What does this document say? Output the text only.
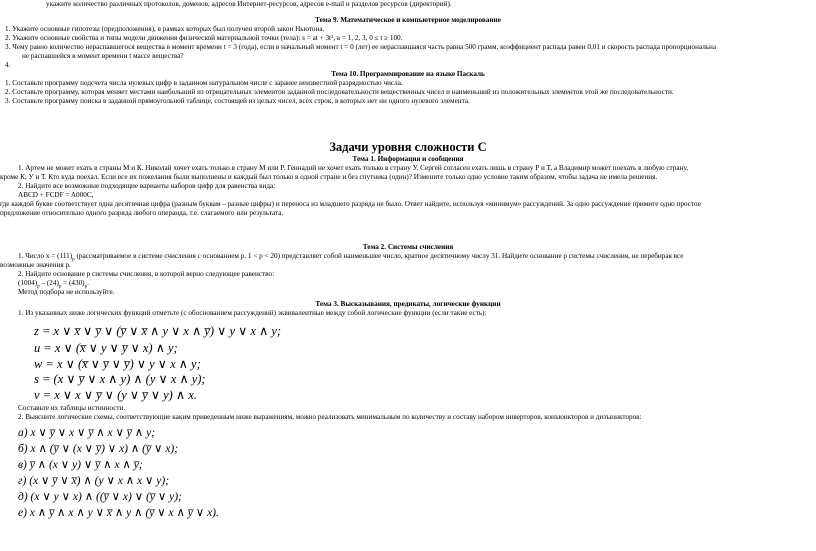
укажите количество различных протоколов, доменов, адресов Интернет-ресурсов, адресов e-mail и разделов ресурсов (директорий).
Тема 9. Математическое и компьютерное моделирование
1. Укажите основные гипотезы (предположения), в рамках которых был получен второй закон Ньютона.
2. Укажите основные свойства и типы модели движения физической материальной точки (тела): s = at + 3t², a = 1, 2, 3, 0 ≤ t ≥ 100.
3. Чему равно количество нераспавшегося вещества в момент времени t = 3 (года), если в начальный момент t = 0 (лет) ее нераспавшаяся часть равна 500 грамм, коэффициент распада равен 0,01 и скорость распада пропорциональна
не распавшейся в момент времени t массе вещества?
4.
Тема 10. Программирование на языке Паскаль
1. Составьте программу подсчета числа нулевых цифр в заданном натуральном числе с заранее неизвестной разрядностью числа.
2. Составьте программу, которая меняет местами наибольший из отрицательных элементов заданной последовательности вещественных чисел и наименьший из положительных элементов этой же последовательности.
3. Составьте программу поиска в заданной прямоугольной таблице, состоящей из целых чисел, всех строк, в которых нет ни одного нулевого элемента.
Задачи уровня сложности С
Тема 1. Информация и сообщения
1. Артем не может ехать в страны М и К. Николай хочет ехать только в страну М или Р. Геннадий не хочет ехать только в страну У. Сергей согласен ехать лишь в страну Р и Т, а Владимир может поехать в любую страну,
кроме К, У и Т. Кто куда поехал. Если все их пожелания были выполнены и каждый был только в одной стране и без спутника (один)? Измените только одно условие таким образом, чтобы задача не имела решения.
2. Найдите все возможные подходящие варианты наборов цифр для равенства вида:
ABCD + FCDF = A000C,
где каждой букве соответствует одна десятичная цифра (разным буквам – разные цифры) и переноса из младшего разряда не было. Ответ найдите, используя «минимум» рассуждений. За одно рассуждение примите одно простое
предложение относительно одного разряда любого операнда, т.е. слагаемого или результата.
Тема 2. Системы счисления
1. Число $x = (111)_p$ (рассматриваемое в системе счисления с основанием p. 1 < p < 20) представляет собой наименьшее число, кратное десятичному числу 31. Найдите основание p системы счисления, не перебирая все
возможные значения p.
2. Найдите основание p системы счисления, в которой верно следующее равенство:
$(1004)_p - (24)_p = (430)_p$.
Метод подбора не используйте.
Тема 3. Высказывания, предикаты, логические функции
1. Из указанных ниже логических функций отметьте (с обоснованием рассуждений) эквивалентные между собой логические функции (если такие есть):
z = x ∨ x̅ ∨ y̅ ∨ (y̅ ∨ x̅ ∧ y ∨ x ∧ y̅) ∨ y ∨ x ∧ y;
u = x ∨ (x̅ ∨ y ∨ y̅ ∨ x) ∧ y;
w = x ∨ (x̅ ∨ y̅ ∨ y̅) ∨ y ∨ x ∧ y;
s = (x ∨ y̅ ∨ x ∧ y) ∧ (y ∨ x ∧ y);
v = x ∨ x ∨ y̅ ∨ (y ∨ y̅ ∨ y) ∧ x.
Составьте их таблицы истинности.
2. Выясните логические схемы, соответствующие каким приведенным ниже выражениям, можно реализовать минимальным по количеству и составу набором инверторов, конъюнкторов и дизъюнкторов:
а) x ∨ y̅ ∨ x ∨ y̅ ∧ x ∨ y̅ ∧ y;
б) x ∧ (y̅ ∨ (x ∨ y̅) ∨ x) ∧ (y̅ ∨ x);
в) y̅ ∧ (x ∨ y) ∨ y̅ ∧ x ∧ y̅;
г) (x ∨ y̅ ∨ x̅) ∧ (y ∨ x ∧ x ∨ y);
д) (x ∨ y ∨ x) ∧ ((y̅ ∨ x) ∨ (y̅ ∨ y);
е) x ∧ y̅ ∧ x ∧ y ∨ x̅ ∧ y ∧ (y̅ ∨ x ∧ y̅ ∨ x).
